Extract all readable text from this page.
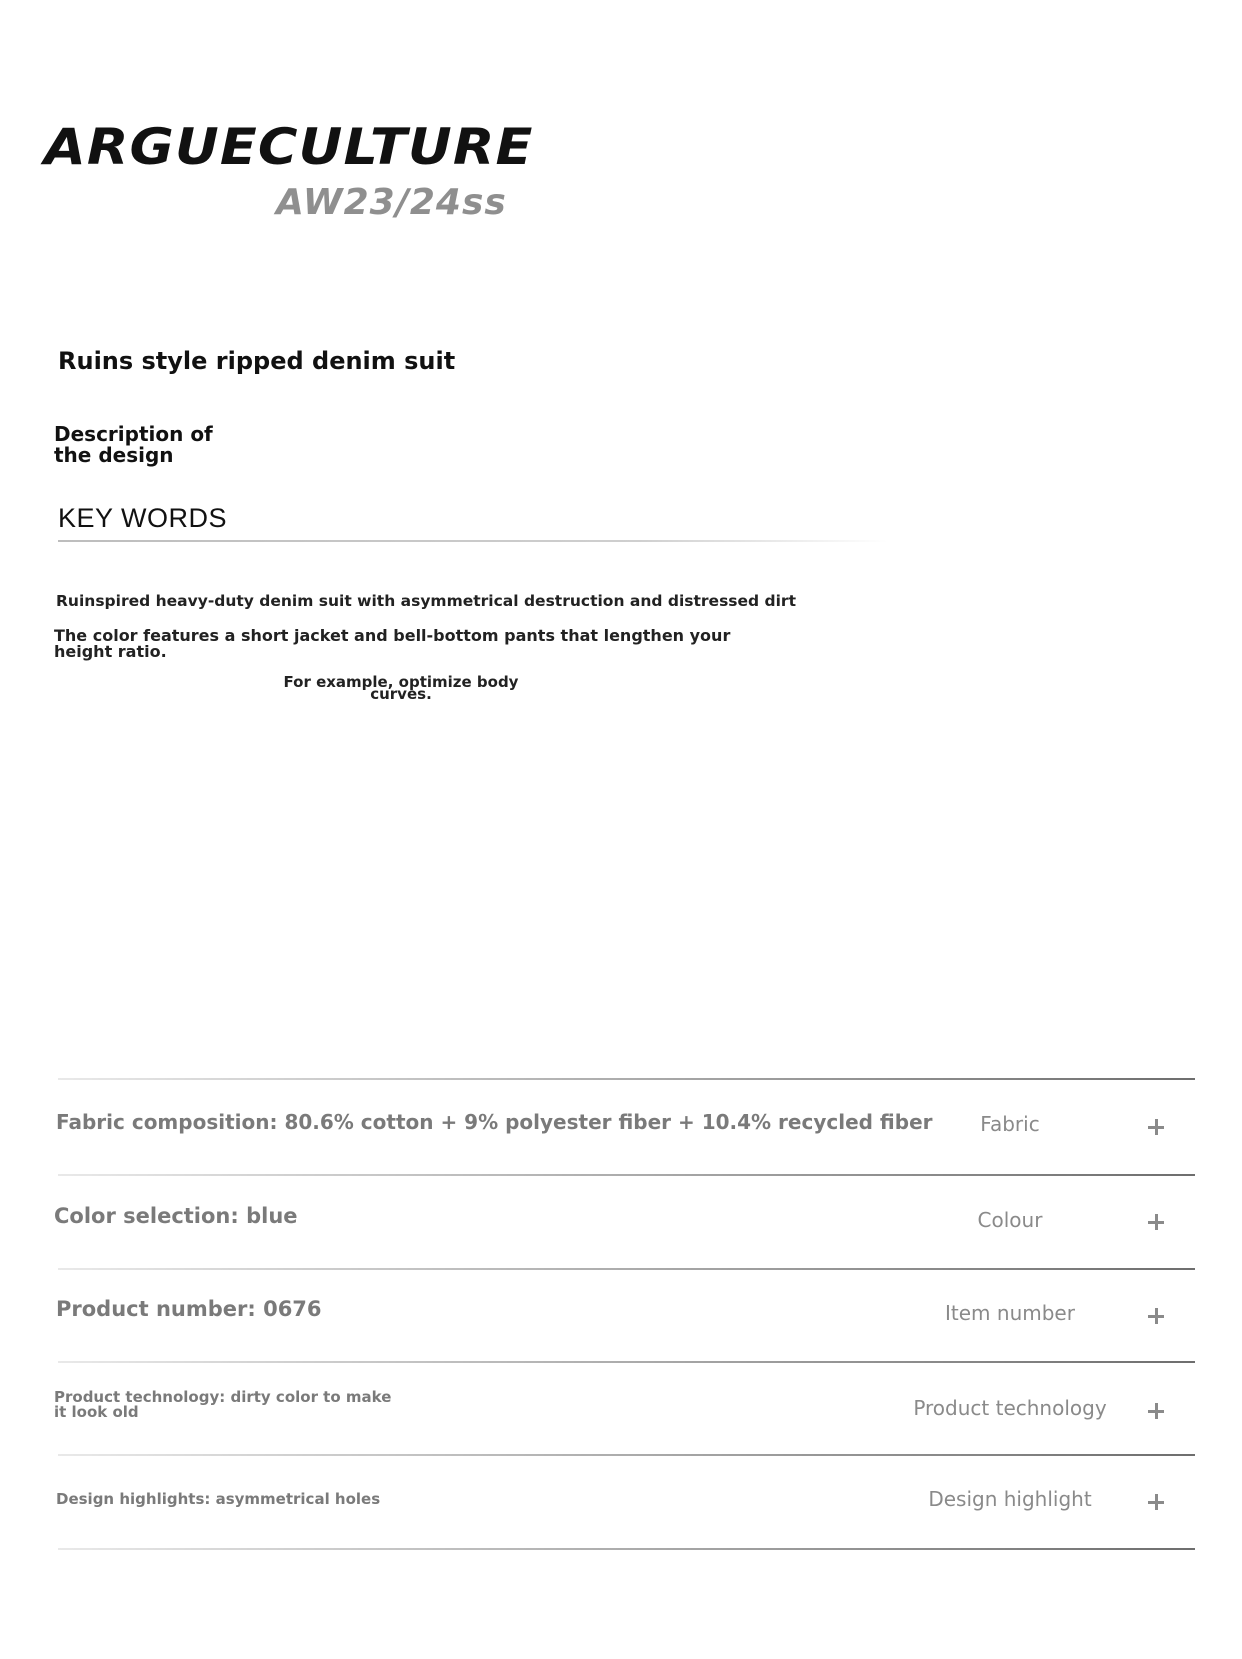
ARGUECULTURE
AW23/24ss
Ruins style ripped denim suit
Description of the design
KEY WORDS
Ruinspired heavy-duty denim suit with asymmetrical destruction and distressed dirt
The color features a short jacket and bell-bottom pants that lengthen your height ratio.
For example, optimize body curves.
Fabric composition: 80.6% cotton + 9% polyester fiber + 10.4% recycled fiber	Fabric
Color selection: blue	Colour
Product number: 0676	Item number
Product technology: dirty color to make it look old	Product technology
Design highlights: asymmetrical holes	Design highlight
